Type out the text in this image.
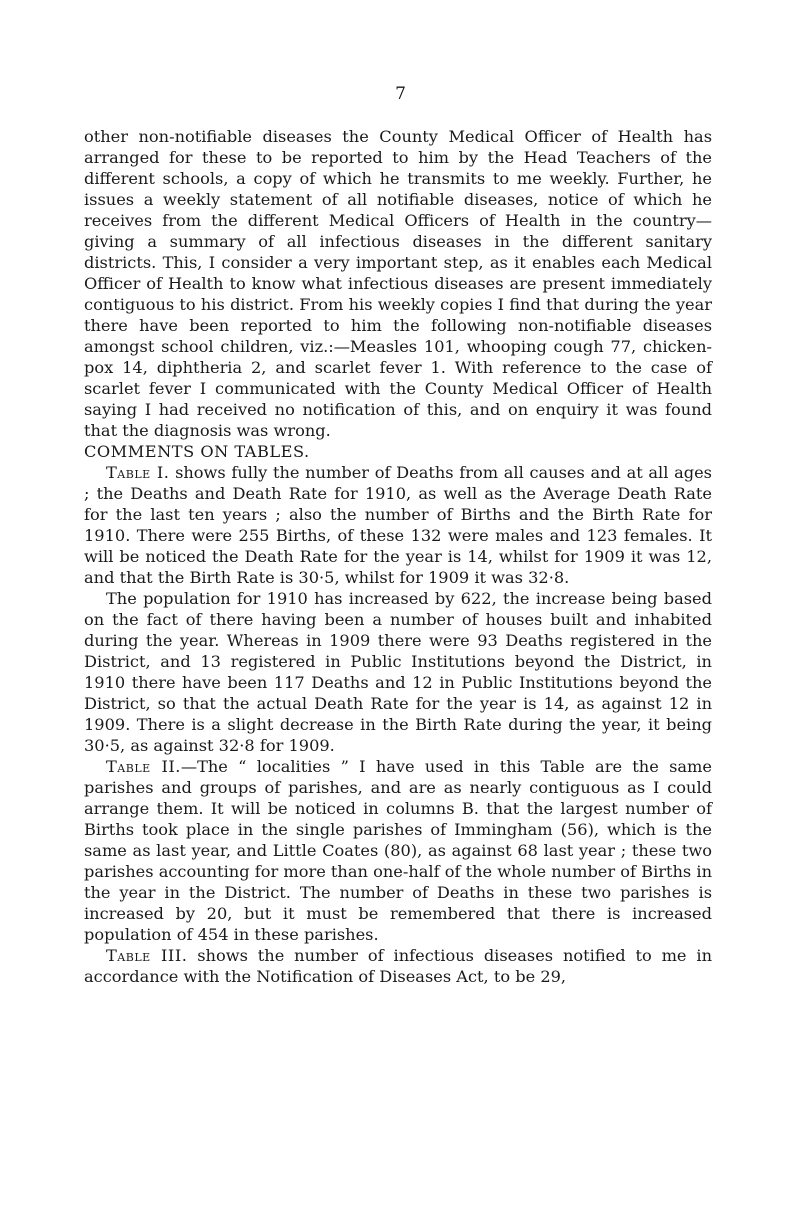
7

other non-notifiable diseases the County Medical Officer of Health has arranged for these to be reported to him by the Head Teachers of the different schools, a copy of which he transmits to me weekly. Further, he issues a weekly statement of all notifiable diseases, notice of which he receives from the different Medical Officers of Health in the country—giving a summary of all infectious diseases in the different sanitary districts. This, I consider a very important step, as it enables each Medical Officer of Health to know what infectious diseases are present immediately contiguous to his district. From his weekly copies I find that during the year there have been reported to him the following non-notifiable diseases amongst school children, viz.:—Measles 101, whooping cough 77, chicken-pox 14, diphtheria 2, and scarlet fever 1. With reference to the case of scarlet fever I communicated with the County Medical Officer of Health saying I had received no notification of this, and on enquiry it was found that the diagnosis was wrong.

COMMENTS ON TABLES.

Table I. shows fully the number of Deaths from all causes and at all ages ; the Deaths and Death Rate for 1910, as well as the Average Death Rate for the last ten years ; also the number of Births and the Birth Rate for 1910. There were 255 Births, of these 132 were males and 123 females. It will be noticed the Death Rate for the year is 14, whilst for 1909 it was 12, and that the Birth Rate is 30·5, whilst for 1909 it was 32·8.

The population for 1910 has increased by 622, the increase being based on the fact of there having been a number of houses built and inhabited during the year. Whereas in 1909 there were 93 Deaths registered in the District, and 13 registered in Public Institutions beyond the District, in 1910 there have been 117 Deaths and 12 in Public Institutions beyond the District, so that the actual Death Rate for the year is 14, as against 12 in 1909. There is a slight decrease in the Birth Rate during the year, it being 30·5, as against 32·8 for 1909.

Table II.—The “ localities ” I have used in this Table are the same parishes and groups of parishes, and are as nearly contiguous as I could arrange them. It will be noticed in columns B. that the largest number of Births took place in the single parishes of Immingham (56), which is the same as last year, and Little Coates (80), as against 68 last year ; these two parishes accounting for more than one-half of the whole number of Births in the year in the District. The number of Deaths in these two parishes is increased by 20, but it must be remembered that there is increased population of 454 in these parishes.

Table III. shows the number of infectious diseases notified to me in accordance with the Notification of Diseases Act, to be 29,
